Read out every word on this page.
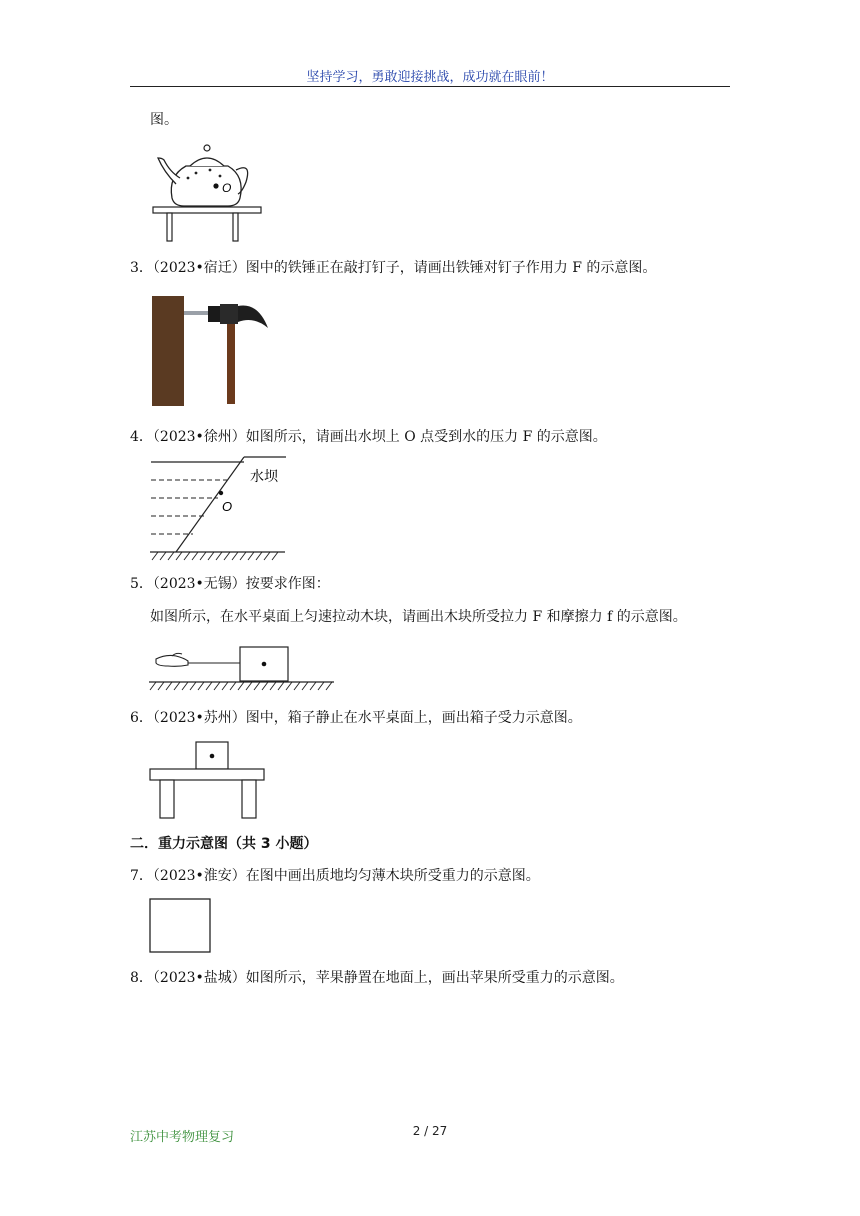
坚持学习，勇敢迎接挑战，成功就在眼前！
图。
O
3．（2023•宿迁）图中的铁锤正在敲打钉子，请画出铁锤对钉子作用力 F 的示意图。
4．（2023•徐州）如图所示，请画出水坝上 O 点受到水的压力 F 的示意图。
O
水坝
5．（2023•无锡）按要求作图：
如图所示，在水平桌面上匀速拉动木块，请画出木块所受拉力 F 和摩擦力 f 的示意图。
6．（2023•苏州）图中，箱子静止在水平桌面上，画出箱子受力示意图。
二．重力示意图（共 3 小题）
7．（2023•淮安）在图中画出质地均匀薄木块所受重力的示意图。
8．（2023•盐城）如图所示，苹果静置在地面上，画出苹果所受重力的示意图。
江苏中考物理复习	2 / 27
